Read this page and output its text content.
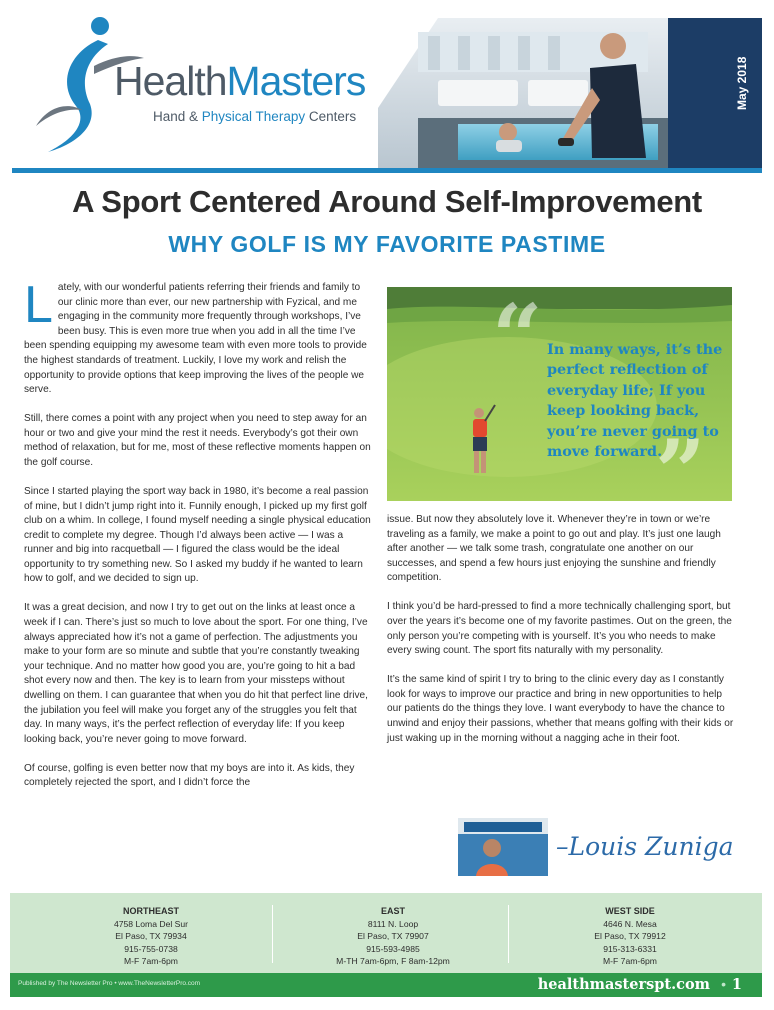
HealthMasters
Hand & Physical Therapy Centers
May 2018
A Sport Centered Around Self-Improvement
WHY GOLF IS MY FAVORITE PASTIME

Lately, with our wonderful patients referring their friends and family to our clinic more than ever, our new partnership with Fyzical, and me engaging in the community more frequently through workshops, I’ve been busy. This is even more true when you add in all the time I’ve been spending equipping my awesome team with even more tools to provide the highest standards of treatment. Luckily, I love my work and relish the opportunity to provide options that keep improving the lives of the people we serve.

Still, there comes a point with any project when you need to step away for an hour or two and give your mind the rest it needs. Everybody’s got their own method of relaxation, but for me, most of these reflective moments happen on the golf course.

Since I started playing the sport way back in 1980, it’s become a real passion of mine, but I didn’t jump right into it. Funnily enough, I picked up my first golf club on a whim. In college, I found myself needing a single physical education credit to complete my degree. Though I’d always been active — I was a runner and big into racquetball — I figured the class would be the ideal opportunity to try something new. So I asked my buddy if he wanted to learn how to golf, and we decided to sign up.

It was a great decision, and now I try to get out on the links at least once a week if I can. There’s just so much to love about the sport. For one thing, I’ve always appreciated how it’s not a game of perfection. The adjustments you make to your form are so minute and subtle that you’re constantly tweaking your technique. And no matter how good you are, you’re going to hit a bad shot every now and then. The key is to learn from your missteps without dwelling on them. I can guarantee that when you do hit that perfect line drive, the jubilation you feel will make you forget any of the struggles you felt that day. In many ways, it’s the perfect reflection of everyday life: If you keep looking back, you’re never going to move forward.

Of course, golfing is even better now that my boys are into it. As kids, they completely rejected the sport, and I didn’t force the

“
”
In many ways, it’s the perfect reflection of everyday life; If you keep looking back, you’re never going to move forward.

issue. But now they absolutely love it. Whenever they’re in town or we’re traveling as a family, we make a point to go out and play. It’s just one laugh after another — we talk some trash, congratulate one another on our successes, and spend a few hours just enjoying the sunshine and friendly competition.

I think you’d be hard-pressed to find a more technically challenging sport, but over the years it’s become one of my favorite pastimes. Out on the green, the only person you’re competing with is yourself. It’s you who needs to make every swing count. The sport fits naturally with my personality.

It’s the same kind of spirit I try to bring to the clinic every day as I constantly look for ways to improve our practice and bring in new opportunities to help our patients do the things they love. I want everybody to have the chance to unwind and enjoy their passions, whether that means golfing with their kids or just waking up in the morning without a nagging ache in their foot.

–Louis Zuniga
NORTHEAST
4758 Loma Del Sur
El Paso, TX 79934
915-755-0738
M-F 7am-6pm
EAST
8111 N. Loop
El Paso, TX 79907
915-593-4985
M-TH 7am-6pm, F 8am-12pm
WEST SIDE
4646 N. Mesa
El Paso, TX 79912
915-313-6331
M-F 7am-6pm
Published by The Newsletter Pro • www.TheNewsletterPro.com	healthmasterspt.com • 1
